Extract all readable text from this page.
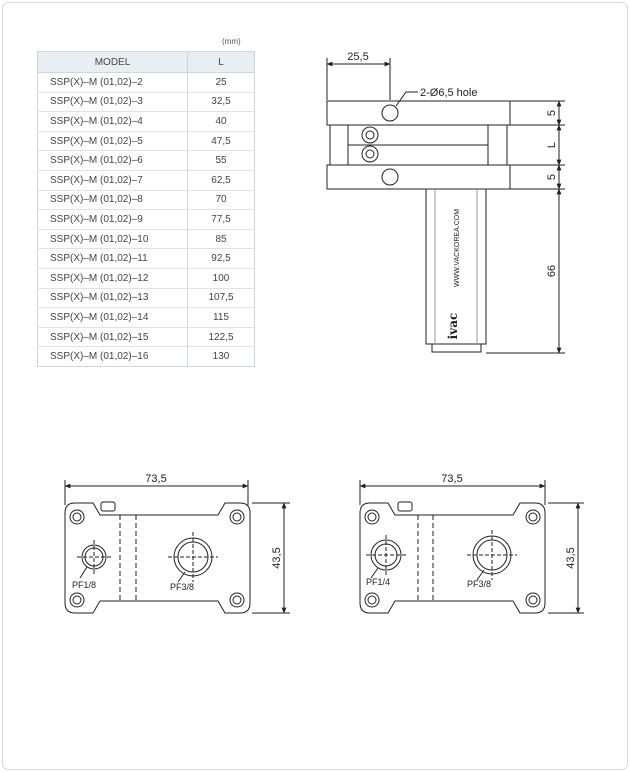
(mm)
MODEL	L
SSP(X)–M (01,02)–2	25
SSP(X)–M (01,02)–3	32,5
SSP(X)–M (01,02)–4	40
SSP(X)–M (01,02)–5	47,5
SSP(X)–M (01,02)–6	55
SSP(X)–M (01,02)–7	62,5
SSP(X)–M (01,02)–8	70
SSP(X)–M (01,02)–9	77,5
SSP(X)–M (01,02)–10	85
SSP(X)–M (01,02)–11	92,5
SSP(X)–M (01,02)–12	100
SSP(X)–M (01,02)–13	107,5
SSP(X)–M (01,02)–14	115
SSP(X)–M (01,02)–15	122,5
SSP(X)–M (01,02)–16	130
25,5
2-Ø6,5 hole
5
L
5
66
ivac
WWW.VACKOREA.COM
73,5
43,5
PF1/8	PF3/8
73,5
43,5
PF1/4	PF3/8
